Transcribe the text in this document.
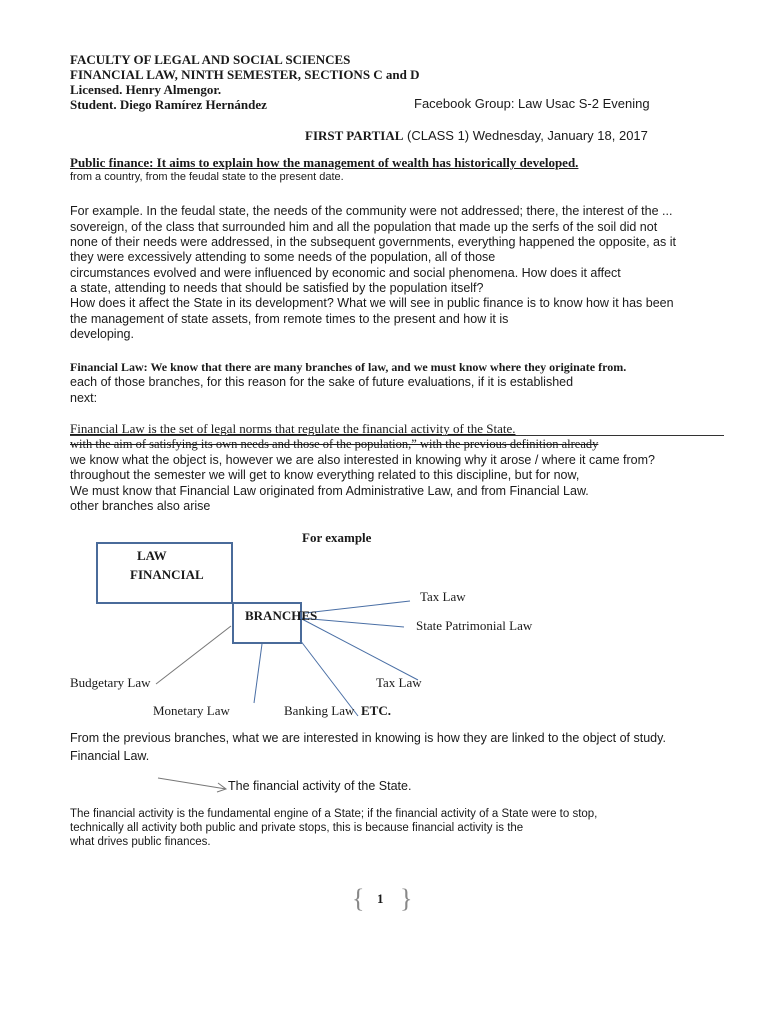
FACULTY OF LEGAL AND SOCIAL SCIENCES
FINANCIAL LAW, NINTH SEMESTER, SECTIONS C and D
Licensed. Henry Almengor.
Student. Diego Ramírez Hernández	Facebook Group: Law Usac S-2 Evening
FIRST PARTIAL (CLASS 1) Wednesday, January 18, 2017
Public finance: It aims to explain how the management of wealth has historically developed.
from a country, from the feudal state to the present date.
For example. In the feudal state, the needs of the community were not addressed; there, the interest of the ...
sovereign, of the class that surrounded him and all the population that made up the serfs of the soil did not
none of their needs were addressed, in the subsequent governments, everything happened the opposite, as it
they were excessively attending to some needs of the population, all of those
circumstances evolved and were influenced by economic and social phenomena. How does it affect
a state, attending to needs that should be satisfied by the population itself?
How does it affect the State in its development? What we will see in public finance is to know how it has been
the management of state assets, from remote times to the present and how it is
developing.
Financial Law: We know that there are many branches of law, and we must know where they originate from.
each of those branches, for this reason for the sake of future evaluations, if it is established
next:
Financial Law is the set of legal norms that regulate the financial activity of the State.
with the aim of satisfying its own needs and those of the population,” with the previous definition already
we know what the object is, however we are also interested in knowing why it arose / where it came from?
throughout the semester we will get to know everything related to this discipline, but for now,
We must know that Financial Law originated from Administrative Law, and from Financial Law.
other branches also arise
For example
LAW
FINANCIAL
BRANCHES
Tax Law
State Patrimonial Law
Budgetary Law	Tax Law
Monetary Law	Banking Law ETC.
From the previous branches, what we are interested in knowing is how they are linked to the object of study.
Financial Law.
The financial activity of the State.
The financial activity is the fundamental engine of a State; if the financial activity of a State were to stop,
technically all activity both public and private stops, this is because financial activity is the
what drives public finances.
{ 1 }
